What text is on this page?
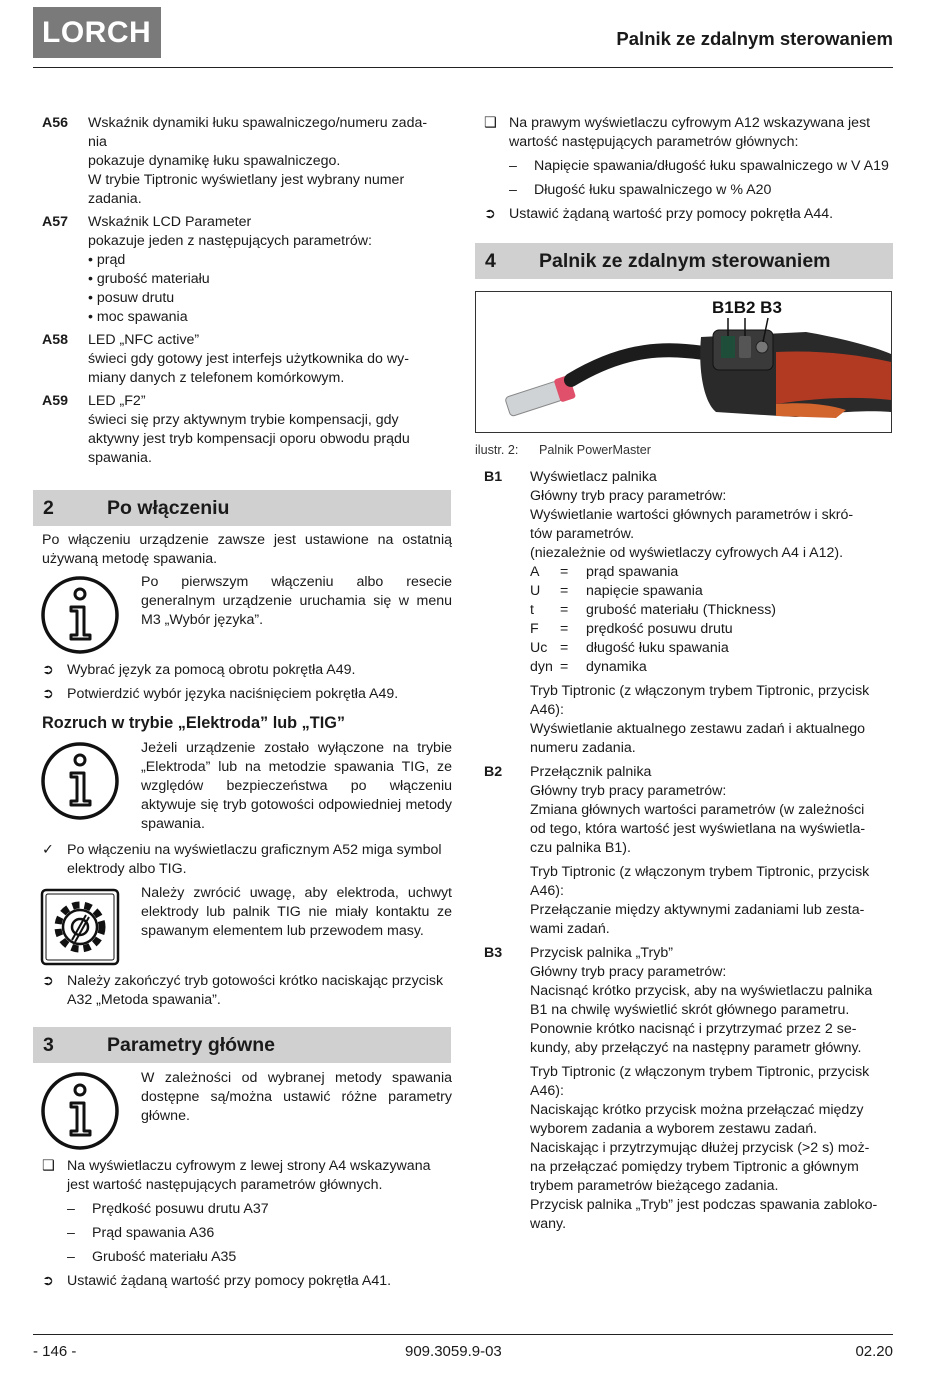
LORCH	Palnik ze zdalnym sterowaniem
A56 Wskaźnik dynamiki łuku spawalniczego/numeru zada-
nia
pokazuje dynamikę łuku spawalniczego.
W trybie Tiptronic wyświetlany jest wybrany numer
zadania.
A57 Wskaźnik LCD Parameter
pokazuje jeden z następujących parametrów:
• prąd
• grubość materiału
• posuw drutu
• moc spawania
A58 LED „NFC active”
świeci gdy gotowy jest interfejs użytkownika do wy-
miany danych z telefonem komórkowym.
A59 LED „F2”
świeci się przy aktywnym trybie kompensacji, gdy
aktywny jest tryb kompensacji oporu obwodu prądu
spawania.
2	Po włączeniu
Po włączeniu urządzenie zawsze jest ustawione na ostatnią używaną metodę spawania.
Po pierwszym włączeniu albo resecie generalnym urządzenie uruchamia się w menu M3 „Wybór języka”.
➲ Wybrać język za pomocą obrotu pokrętła A49.
➲ Potwierdzić wybór języka naciśnięciem pokrętła A49.
Rozruch w trybie „Elektroda” lub „TIG”
Jeżeli urządzenie zostało wyłączone na trybie „Elektroda” lub na metodzie spawania TIG, ze względów bezpieczeństwa po włączeniu aktywuje się tryb gotowości odpowiedniej metody spawania.
✓ Po włączeniu na wyświetlaczu graficznym A52 miga symbol elektrody albo TIG.
Należy zwrócić uwagę, aby elektroda, uchwyt elektrody lub palnik TIG nie miały kontaktu ze spawanym elementem lub przewodem masy.
➲ Należy zakończyć tryb gotowości krótko naciskając przycisk A32 „Metoda spawania”.
3	Parametry główne
W zależności od wybranej metody spawania dostępne są/można ustawić różne parametry główne.
❑ Na wyświetlaczu cyfrowym z lewej strony A4 wskazywana jest wartość następujących parametrów głównych.
– Prędkość posuwu drutu A37
– Prąd spawania A36
– Grubość materiału A35
➲ Ustawić żądaną wartość przy pomocy pokrętła A41.
❑ Na prawym wyświetlaczu cyfrowym A12 wskazywana jest wartość następujących parametrów głównych:
– Napięcie spawania/długość łuku spawalniczego w V A19
– Długość łuku spawalniczego w % A20
➲ Ustawić żądaną wartość przy pomocy pokrętła A44.
4 Palnik ze zdalnym sterowaniem
B1B2 B3
ilustr. 2: Palnik PowerMaster
B1 Wyświetlacz palnika
Główny tryb pracy parametrów:
Wyświetlanie wartości głównych parametrów i skró-
tów parametrów.
(niezależnie od wyświetlaczy cyfrowych A4 i A12).
A	=	prąd spawania
U	=	napięcie spawania
t	=	grubość materiału (Thickness)
F	=	prędkość posuwu drutu
Uc =	długość łuku spawania
dyn =	dynamika
Tryb Tiptronic (z włączonym trybem Tiptronic, przycisk
A46):
Wyświetlanie aktualnego zestawu zadań i aktualnego
numeru zadania.
B2 Przełącznik palnika
Główny tryb pracy parametrów:
Zmiana głównych wartości parametrów (w zależności
od tego, która wartość jest wyświetlana na wyświetla-
czu palnika B1).
Tryb Tiptronic (z włączonym trybem Tiptronic, przycisk
A46):
Przełączanie między aktywnymi zadaniami lub zesta-
wami zadań.
B3 Przycisk palnika „Tryb”
Główny tryb pracy parametrów:
Nacisnąć krótko przycisk, aby na wyświetlaczu palnika
B1 na chwilę wyświetlić skrót głównego parametru.
Ponownie krótko nacisnąć i przytrzymać przez 2 se-
kundy, aby przełączyć na następny parametr główny.
Tryb Tiptronic (z włączonym trybem Tiptronic, przycisk
A46):
Naciskając krótko przycisk można przełączać między
wyborem zadania a wyborem zestawu zadań.
Naciskając i przytrzymując dłużej przycisk (>2 s) moż-
na przełączać pomiędzy trybem Tiptronic a głównym
trybem parametrów bieżącego zadania.
Przycisk palnika „Tryb” jest podczas spawania zabloko-
wany.
- 146 -	909.3059.9-03	02.20
